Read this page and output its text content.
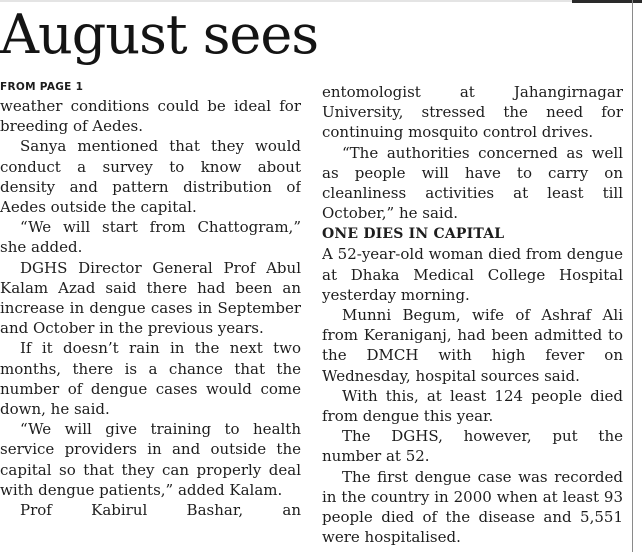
August sees
FROM PAGE 1

weather conditions could be ideal for breeding of Aedes.

Sanya mentioned that they would conduct a survey to know about density and pattern distribution of Aedes outside the capital.

“We will start from Chattogram,” she added.

DGHS Director General Prof Abul Kalam Azad said there had been an increase in dengue cases in September and October in the previous years.

If it doesn’t rain in the next two months, there is a chance that the number of dengue cases would come down, he said.

“We will give training to health service providers in and outside the capital so that they can properly deal with dengue patients,” added Kalam.

Prof Kabirul Bashar, an

entomologist at Jahangirnagar University, stressed the need for continuing mosquito control drives.

“The authorities concerned as well as people will have to carry on cleanliness activities at least till October,” he said.

ONE DIES IN CAPITAL

A 52-year-old woman died from dengue at Dhaka Medical College Hospital yesterday morning.

Munni Begum, wife of Ashraf Ali from Keraniganj, had been admitted to the DMCH with high fever on Wednesday, hospital sources said.

With this, at least 124 people died from dengue this year.

The DGHS, however, put the number at 52.

The first dengue case was recorded in the country in 2000 when at least 93 people died of the disease and 5,551 were hospitalised.
